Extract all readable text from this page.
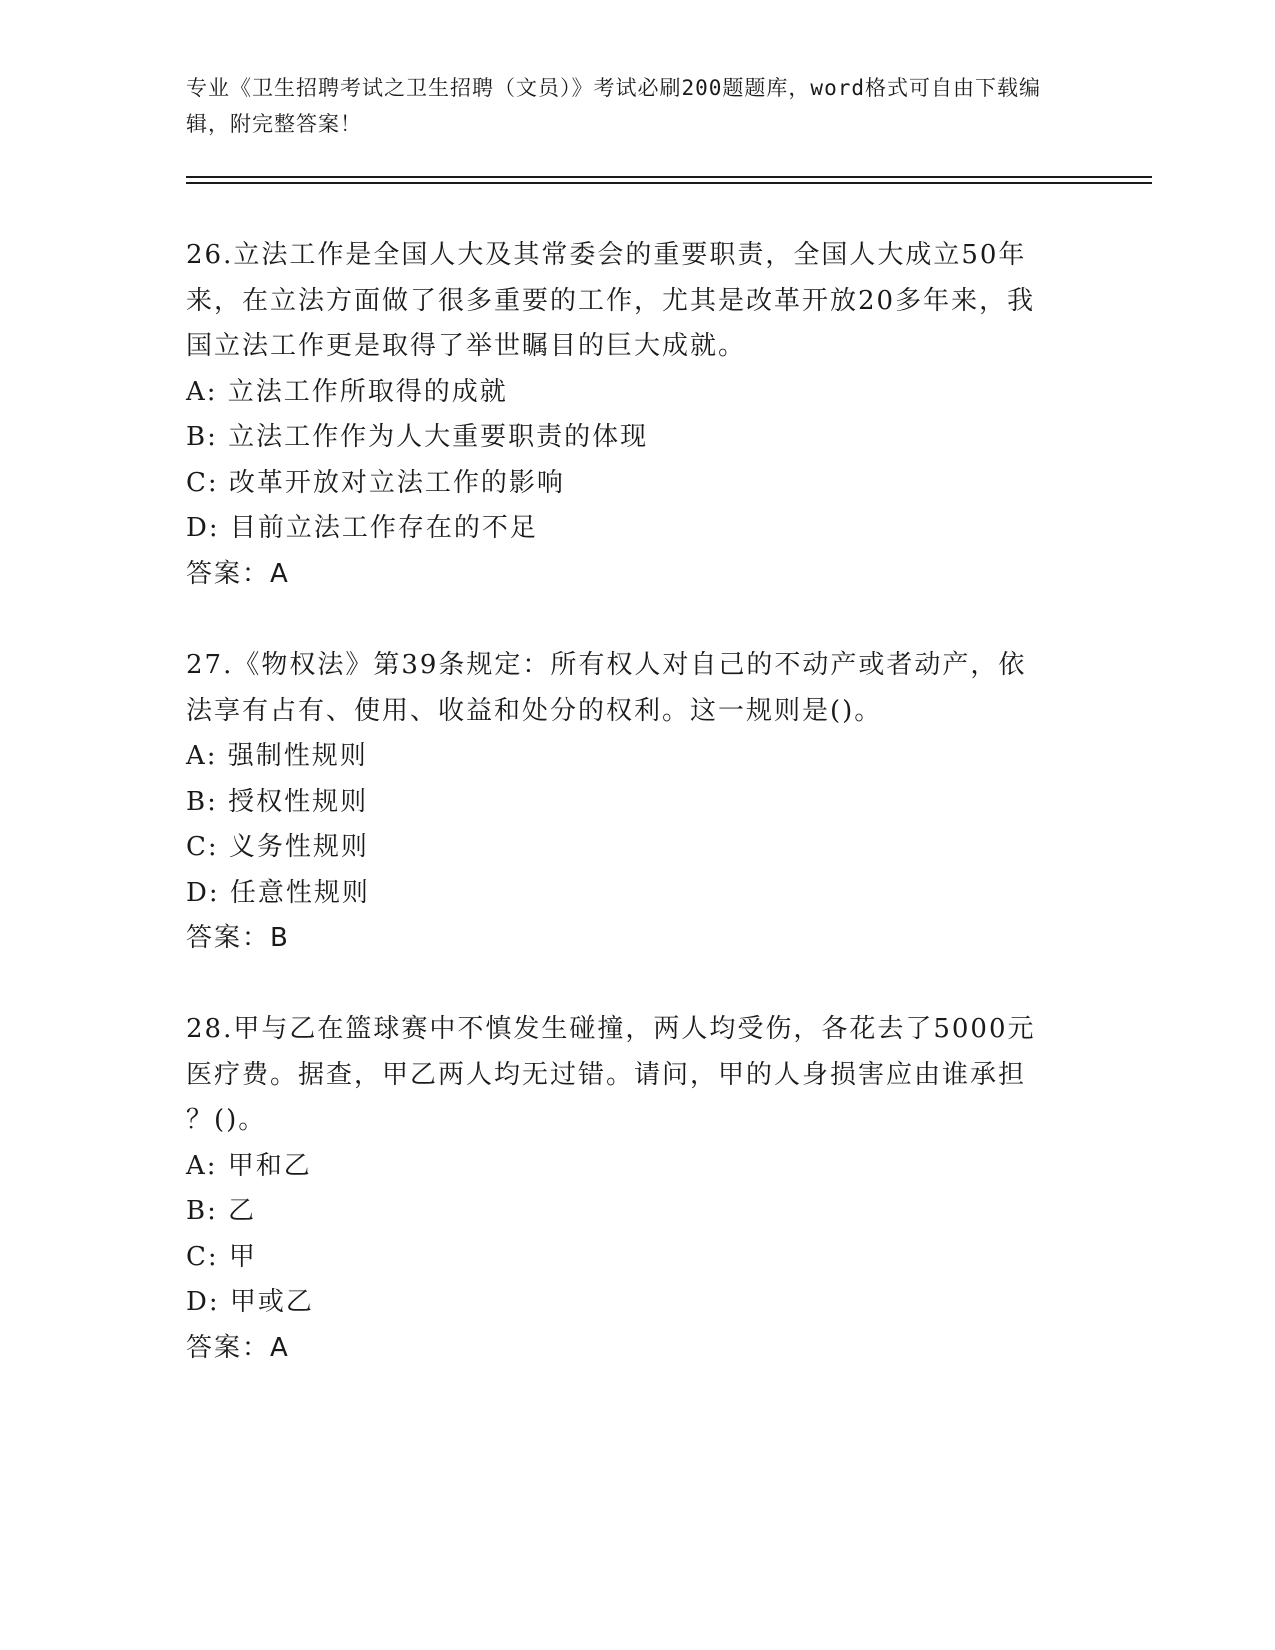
专业《卫生招聘考试之卫生招聘（文员）》考试必刷200题题库，word格式可自由下载编辑，附完整答案！
26.立法工作是全国人大及其常委会的重要职责，全国人大成立50年
来，在立法方面做了很多重要的工作，尤其是改革开放20多年来，我
国立法工作更是取得了举世瞩目的巨大成就。
A: 立法工作所取得的成就
B: 立法工作作为人大重要职责的体现
C: 改革开放对立法工作的影响
D: 目前立法工作存在的不足
答案：A
27.《物权法》第39条规定：所有权人对自己的不动产或者动产，依
法享有占有、使用、收益和处分的权利。这一规则是()。
A: 强制性规则
B: 授权性规则
C: 义务性规则
D: 任意性规则
答案：B
28.甲与乙在篮球赛中不慎发生碰撞，两人均受伤，各花去了5000元
医疗费。据查，甲乙两人均无过错。请问，甲的人身损害应由谁承担
？()。
A: 甲和乙
B: 乙
C: 甲
D: 甲或乙
答案：A
